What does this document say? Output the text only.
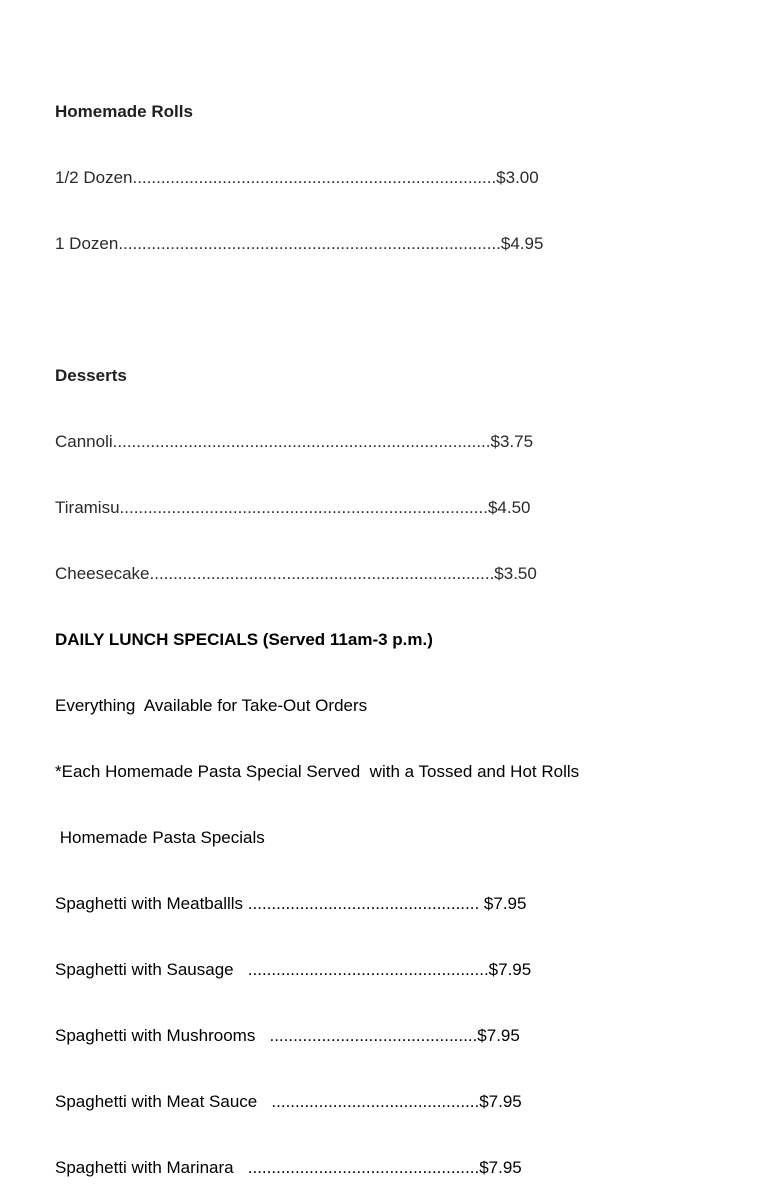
Homemade Rolls
1/2 Dozen.............................................................................$3.00
1 Dozen.................................................................................$4.95
Desserts
Cannoli................................................................................$3.75
Tiramisu..............................................................................$4.50
Cheesecake.........................................................................$3.50
DAILY LUNCH SPECIALS (Served 11am-3 p.m.)
Everything  Available for Take-Out Orders
*Each Homemade Pasta Special Served  with a Tossed and Hot Rolls
Homemade Pasta Specials
Spaghetti with Meatballls ................................................. $7.95
Spaghetti with Sausage   ...................................................$7.95
Spaghetti with Mushrooms   ............................................$7.95
Spaghetti with Meat Sauce   ............................................$7.95
Spaghetti with Marinara   .................................................$7.95
